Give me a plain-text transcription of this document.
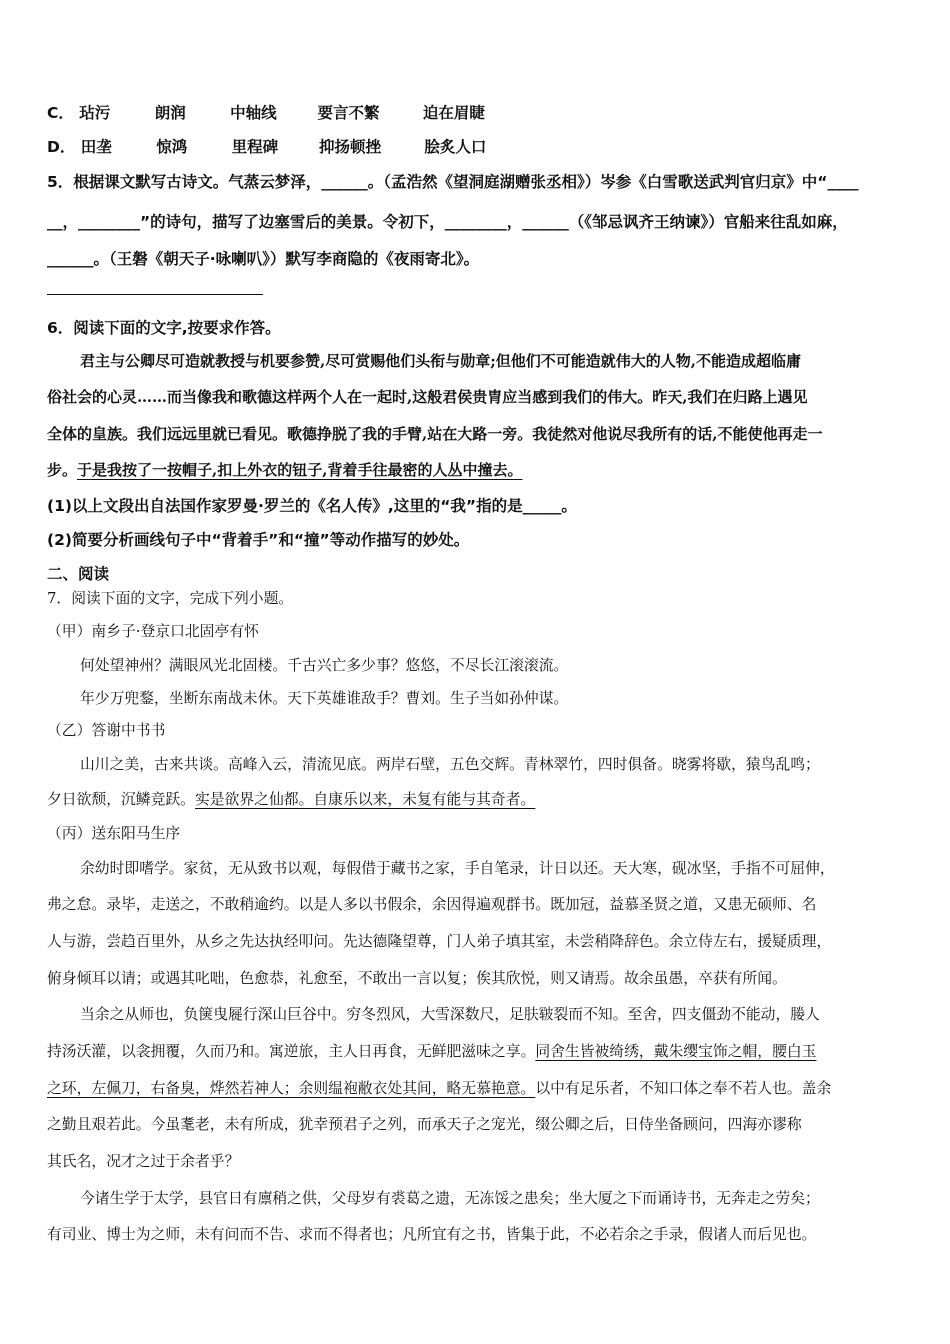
C． 玷污	朗润	中轴线	要言不繁	迫在眉睫
D． 田垄	惊鸿	里程碑	抑扬顿挫	脍炙人口
5．根据课文默写古诗文。气蒸云梦泽，______。（孟浩然《望洞庭湖赠张丞相》）岑参《白雪歌送武判官归京》中“____
__，________”的诗句，描写了边塞雪后的美景。令初下，________，______（《邹忌讽齐王纳谏》）官船来往乱如麻，
______。（王磐《朝天子·咏喇叭》）默写李商隐的《夜雨寄北》。
6．阅读下面的文字,按要求作答。
君主与公卿尽可造就教授与机要参赞,尽可赏赐他们头衔与勋章;但他们不可能造就伟大的人物,不能造成超临庸
俗社会的心灵……而当像我和歌德这样两个人在一起时,这般君侯贵胄应当感到我们的伟大。昨天,我们在归路上遇见
全体的皇族。我们远远里就已看见。歌德挣脱了我的手臂,站在大路一旁。我徒然对他说尽我所有的话,不能使他再走一
步。于是我按了一按帽子,扣上外衣的钮子,背着手往最密的人丛中撞去。
(1)以上文段出自法国作家罗曼·罗兰的《名人传》,这里的“我”指的是_____。
(2)简要分析画线句子中“背着手”和“撞”等动作描写的妙处。
二、阅读
7．阅读下面的文字，完成下列小题。
（甲）南乡子·登京口北固亭有怀
何处望神州？满眼风光北固楼。千古兴亡多少事？悠悠，不尽长江滚滚流。
年少万兜鍪，坐断东南战未休。天下英雄谁敌手？曹刘。生子当如孙仲谋。
（乙）答谢中书书
山川之美，古来共谈。高峰入云，清流见底。两岸石壁，五色交辉。青林翠竹，四时俱备。晓雾将歇，猿鸟乱鸣；
夕日欲颓，沉鳞竞跃。实是欲界之仙都。自康乐以来，未复有能与其奇者。
（丙）送东阳马生序
余幼时即嗜学。家贫，无从致书以观，每假借于藏书之家，手自笔录，计日以还。天大寒，砚冰坚，手指不可屈伸，
弗之怠。录毕，走送之，不敢稍逾约。以是人多以书假余，余因得遍观群书。既加冠，益慕圣贤之道，又患无硕师、名
人与游，尝趋百里外，从乡之先达执经叩问。先达德隆望尊，门人弟子填其室，未尝稍降辞色。余立侍左右，援疑质理，
俯身倾耳以请；或遇其叱咄，色愈恭，礼愈至，不敢出一言以复；俟其欣悦，则又请焉。故余虽愚，卒获有所闻。
当余之从师也，负箧曳屣行深山巨谷中。穷冬烈风，大雪深数尺，足肤皲裂而不知。至舍，四支僵劲不能动，媵人
持汤沃灌，以衾拥覆，久而乃和。寓逆旅，主人日再食，无鲜肥滋味之享。同舍生皆被绮绣，戴朱缨宝饰之帽，腰白玉
之环，左佩刀，右备臭，烨然若神人；余则缊袍敝衣处其间，略无慕艳意。以中有足乐者，不知口体之奉不若人也。盖余
之勤且艰若此。今虽耄老，未有所成，犹幸预君子之列，而承天子之宠光，缀公卿之后，日侍坐备顾问，四海亦谬称
其氏名，况才之过于余者乎？
今诸生学于太学，县官日有廪稍之供，父母岁有裘葛之遗，无冻馁之患矣；坐大厦之下而诵诗书，无奔走之劳矣；
有司业、博士为之师，未有问而不告、求而不得者也；凡所宜有之书，皆集于此，不必若余之手录，假诸人而后见也。
